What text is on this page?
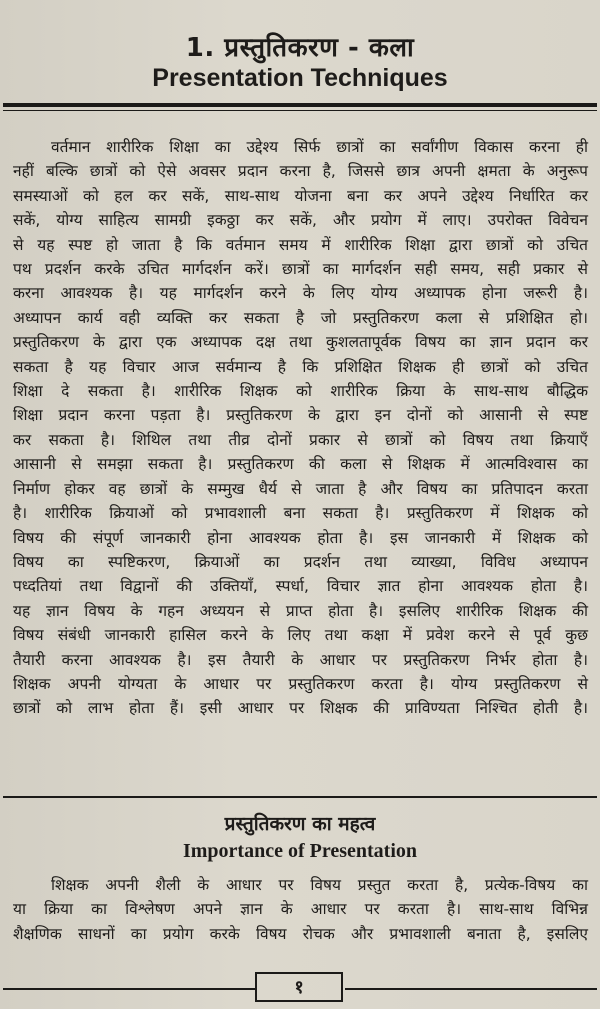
1. प्रस्तुतिकरण - कला
Presentation Techniques
वर्तमान शारीरिक शिक्षा का उद्देश्य सिर्फ छात्रों का सर्वांगीण विकास करना ही
नहीं बल्कि छात्रों को ऐसे अवसर प्रदान करना है, जिससे छात्र अपनी क्षमता के अनुरूप
समस्याओं को हल कर सकें, साथ-साथ योजना बना कर अपने उद्देश्य निर्धारित कर
सकें, योग्य साहित्य सामग्री इकठ्ठा कर सकें, और प्रयोग में लाए। उपरोक्त विवेचन
से यह स्पष्ट हो जाता है कि वर्तमान समय में शारीरिक शिक्षा द्वारा छात्रों को उचित
पथ प्रदर्शन करके उचित मार्गदर्शन करें। छात्रों का मार्गदर्शन सही समय, सही प्रकार से
करना आवश्यक है। यह मार्गदर्शन करने के लिए योग्य अध्यापक होना जरूरी है।
अध्यापन कार्य वही व्यक्ति कर सकता है जो प्रस्तुतिकरण कला से प्रशिक्षित हो।
प्रस्तुतिकरण के द्वारा एक अध्यापक दक्ष तथा कुशलतापूर्वक विषय का ज्ञान प्रदान कर
सकता है यह विचार आज सर्वमान्य है कि प्रशिक्षित शिक्षक ही छात्रों को उचित
शिक्षा दे सकता है। शारीरिक शिक्षक को शारीरिक क्रिया के साथ-साथ बौद्धिक
शिक्षा प्रदान करना पड़ता है। प्रस्तुतिकरण के द्वारा इन दोनों को आसानी से स्पष्ट
कर सकता है। शिथिल तथा तीव्र दोनों प्रकार से छात्रों को विषय तथा क्रियाएँ
आसानी से समझा सकता है। प्रस्तुतिकरण की कला से शिक्षक में आत्मविश्वास का
निर्माण होकर वह छात्रों के सम्मुख धैर्य से जाता है और विषय का प्रतिपादन करता
है। शारीरिक क्रियाओं को प्रभावशाली बना सकता है। प्रस्तुतिकरण में शिक्षक को
विषय की संपूर्ण जानकारी होना आवश्यक होता है। इस जानकारी में शिक्षक को
विषय का स्पष्टिकरण, क्रियाओं का प्रदर्शन तथा व्याख्या, विविध अध्यापन
पध्दतियां तथा विद्वानों की उक्तियाँ, स्पर्धा, विचार ज्ञात होना आवश्यक होता है।
यह ज्ञान विषय के गहन अध्ययन से प्राप्त होता है। इसलिए शारीरिक शिक्षक की
विषय संबंधी जानकारी हासिल करने के लिए तथा कक्षा में प्रवेश करने से पूर्व कुछ
तैयारी करना आवश्यक है। इस तैयारी के आधार पर प्रस्तुतिकरण निर्भर होता है।
शिक्षक अपनी योग्यता के आधार पर प्रस्तुतिकरण करता है। योग्य प्रस्तुतिकरण से
छात्रों को लाभ होता हैं। इसी आधार पर शिक्षक की प्राविण्यता निश्चित होती है।
प्रस्तुतिकरण का महत्व
Importance of Presentation
शिक्षक अपनी शैली के आधार पर विषय प्रस्तुत करता है, प्रत्येक-विषय का
या क्रिया का विश्लेषण अपने ज्ञान के आधार पर करता है। साथ-साथ विभिन्न
शैक्षणिक साधनों का प्रयोग करके विषय रोचक और प्रभावशाली बनाता है, इसलिए
१
